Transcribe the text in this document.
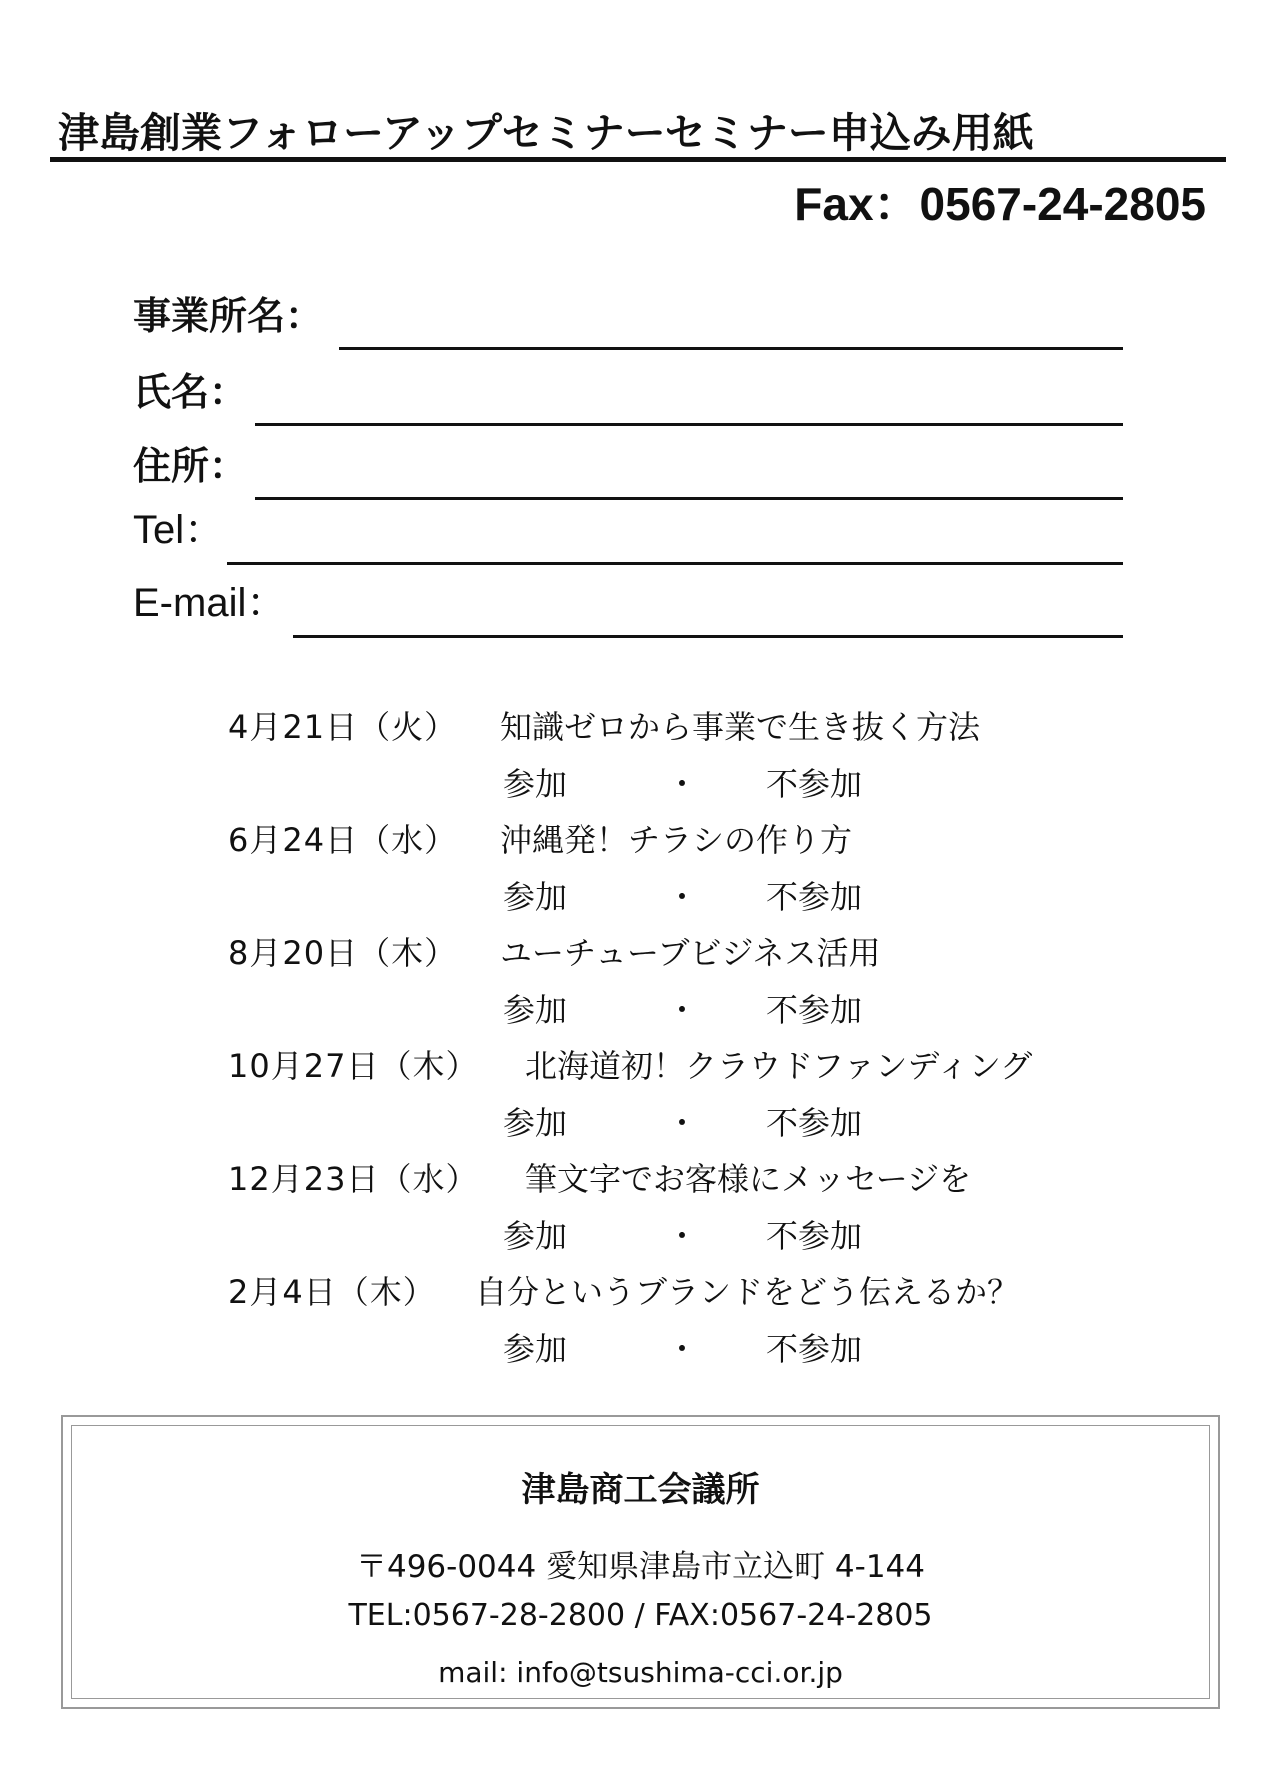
津島創業フォローアップセミナーセミナー申込み用紙
Fax：0567-24-2805
事業所名：
氏名：
住所：
Tel：
E-mail：
4月21日（火） 知識ゼロから事業で生き抜く方法
参加	・ 不参加
6月24日（水） 沖縄発！チラシの作り方
参加	・ 不参加
8月20日（木） ユーチューブビジネス活用
参加	・ 不参加
10月27日（木） 北海道初！クラウドファンディング
参加	・ 不参加
12月23日（水） 筆文字でお客様にメッセージを
参加	・ 不参加
2月4日（木） 自分というブランドをどう伝えるか？
参加	・ 不参加
津島商工会議所
〒496-0044 愛知県津島市立込町 4-144
TEL:0567-28-2800 / FAX:0567-24-2805
mail: info@tsushima-cci.or.jp
